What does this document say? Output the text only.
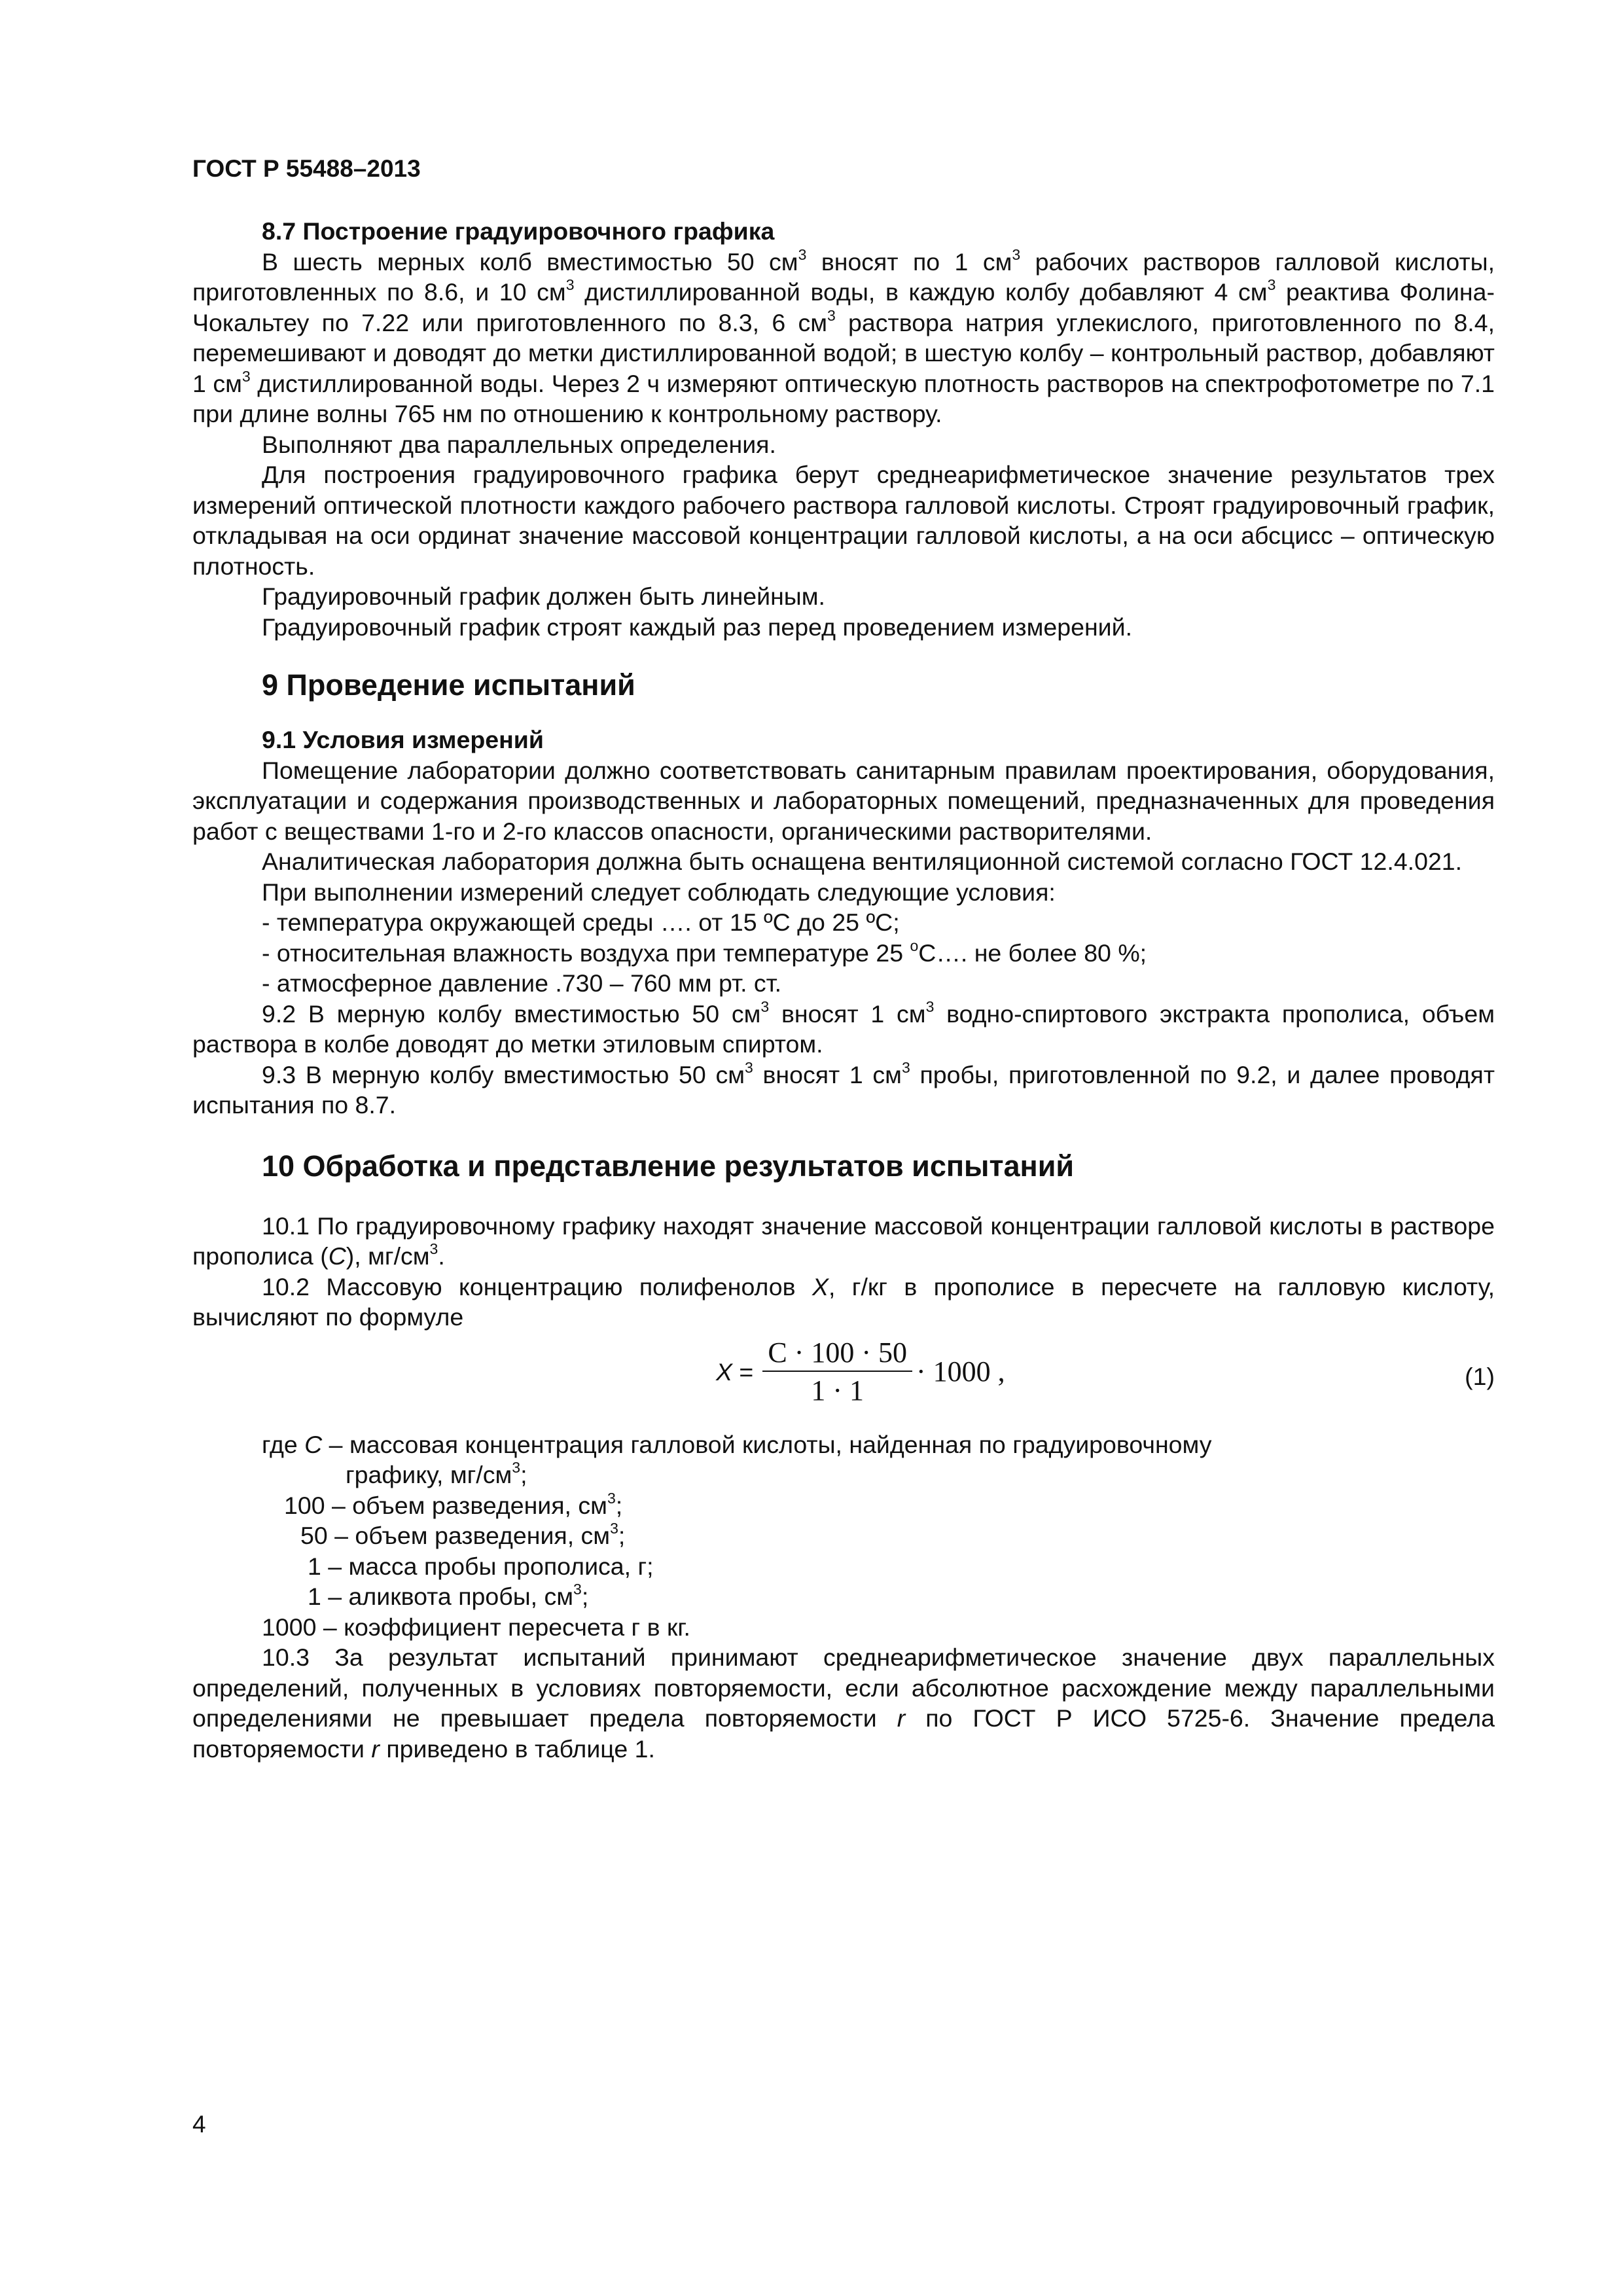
ГОСТ Р 55488–2013

8.7 Построение градуировочного графика

В шесть мерных колб вместимостью 50 $см^3$ вносят по 1 $см^3$ рабочих растворов галловой кислоты, приготовленных по 8.6, и 10 $см^3$ дистиллированной воды, в каждую колбу добавляют 4 $см^3$ реактива Фолина-Чокальтеу по 7.22 или приготовленного по 8.3, 6 $см^3$ раствора натрия углекислого, приготовленного по 8.4, перемешивают и доводят до метки дистиллированной водой; в шестую колбу – контрольный раствор, добавляют 1 $см^3$ дистиллированной воды. Через 2 ч измеряют оптическую плотность растворов на спектрофотометре по 7.1 при длине волны 765 нм по отношению к контрольному раствору.

Выполняют два параллельных определения.

Для построения градуировочного графика берут среднеарифметическое значение результатов трех измерений оптической плотности каждого рабочего раствора галловой кислоты. Строят градуировочный график, откладывая на оси ординат значение массовой концентрации галловой кислоты, а на оси абсцисс – оптическую плотность.

Градуировочный график должен быть линейным.

Градуировочный график строят каждый раз перед проведением измерений.

9 Проведение испытаний

9.1 Условия измерений

Помещение лаборатории должно соответствовать санитарным правилам проектирования, оборудования, эксплуатации и содержания производственных и лабораторных помещений, предназначенных для проведения работ с веществами 1-го и 2-го классов опасности, органическими растворителями.

Аналитическая лаборатория должна быть оснащена вентиляционной системой согласно ГОСТ 12.4.021.

При выполнении измерений следует соблюдать следующие условия:

- температура окружающей среды …. от 15 ºС до 25 ºС;

- относительная влажность воздуха при температуре 25 $^о$С…. не более 80 %;

- атмосферное давление .730 – 760 мм рт. ст.

9.2 В мерную колбу вместимостью 50 $см^3$ вносят 1 $см^3$ водно-спиртового экстракта прополиса, объем раствора в колбе доводят до метки этиловым спиртом.

9.3 В мерную колбу вместимостью 50 $см^3$ вносят 1 $см^3$ пробы, приготовленной по 9.2, и далее проводят испытания по 8.7.

10 Обработка и представление результатов испытаний

10.1 По градуировочному графику находят значение массовой концентрации галловой кислоты в растворе прополиса (C), $мг/см^3$.

10.2 Массовую концентрацию полифенолов X, г/кг в прополисе в пересчете на галловую кислоту, вычисляют по формуле

$X = \frac{C \cdot 100 \cdot 50}{1 \cdot 1} \cdot 1000$ ,	(1)
где C – массовая концентрация галловой кислоты, найденная по градуировочному
графику, $мг/см^3$;
100 – объем разведения, $см^3$;
50 – объем разведения, $см^3$;
1 – масса пробы прополиса, г;
1 – аликвота пробы, $см^3$;
1000 – коэффициент пересчета г в кг.

10.3 За результат испытаний принимают среднеарифметическое значение двух параллельных определений, полученных в условиях повторяемости, если абсолютное расхождение между параллельными определениями не превышает предела повторяемости r по ГОСТ Р ИСО 5725-6. Значение предела повторяемости r приведено в таблице 1.

4
